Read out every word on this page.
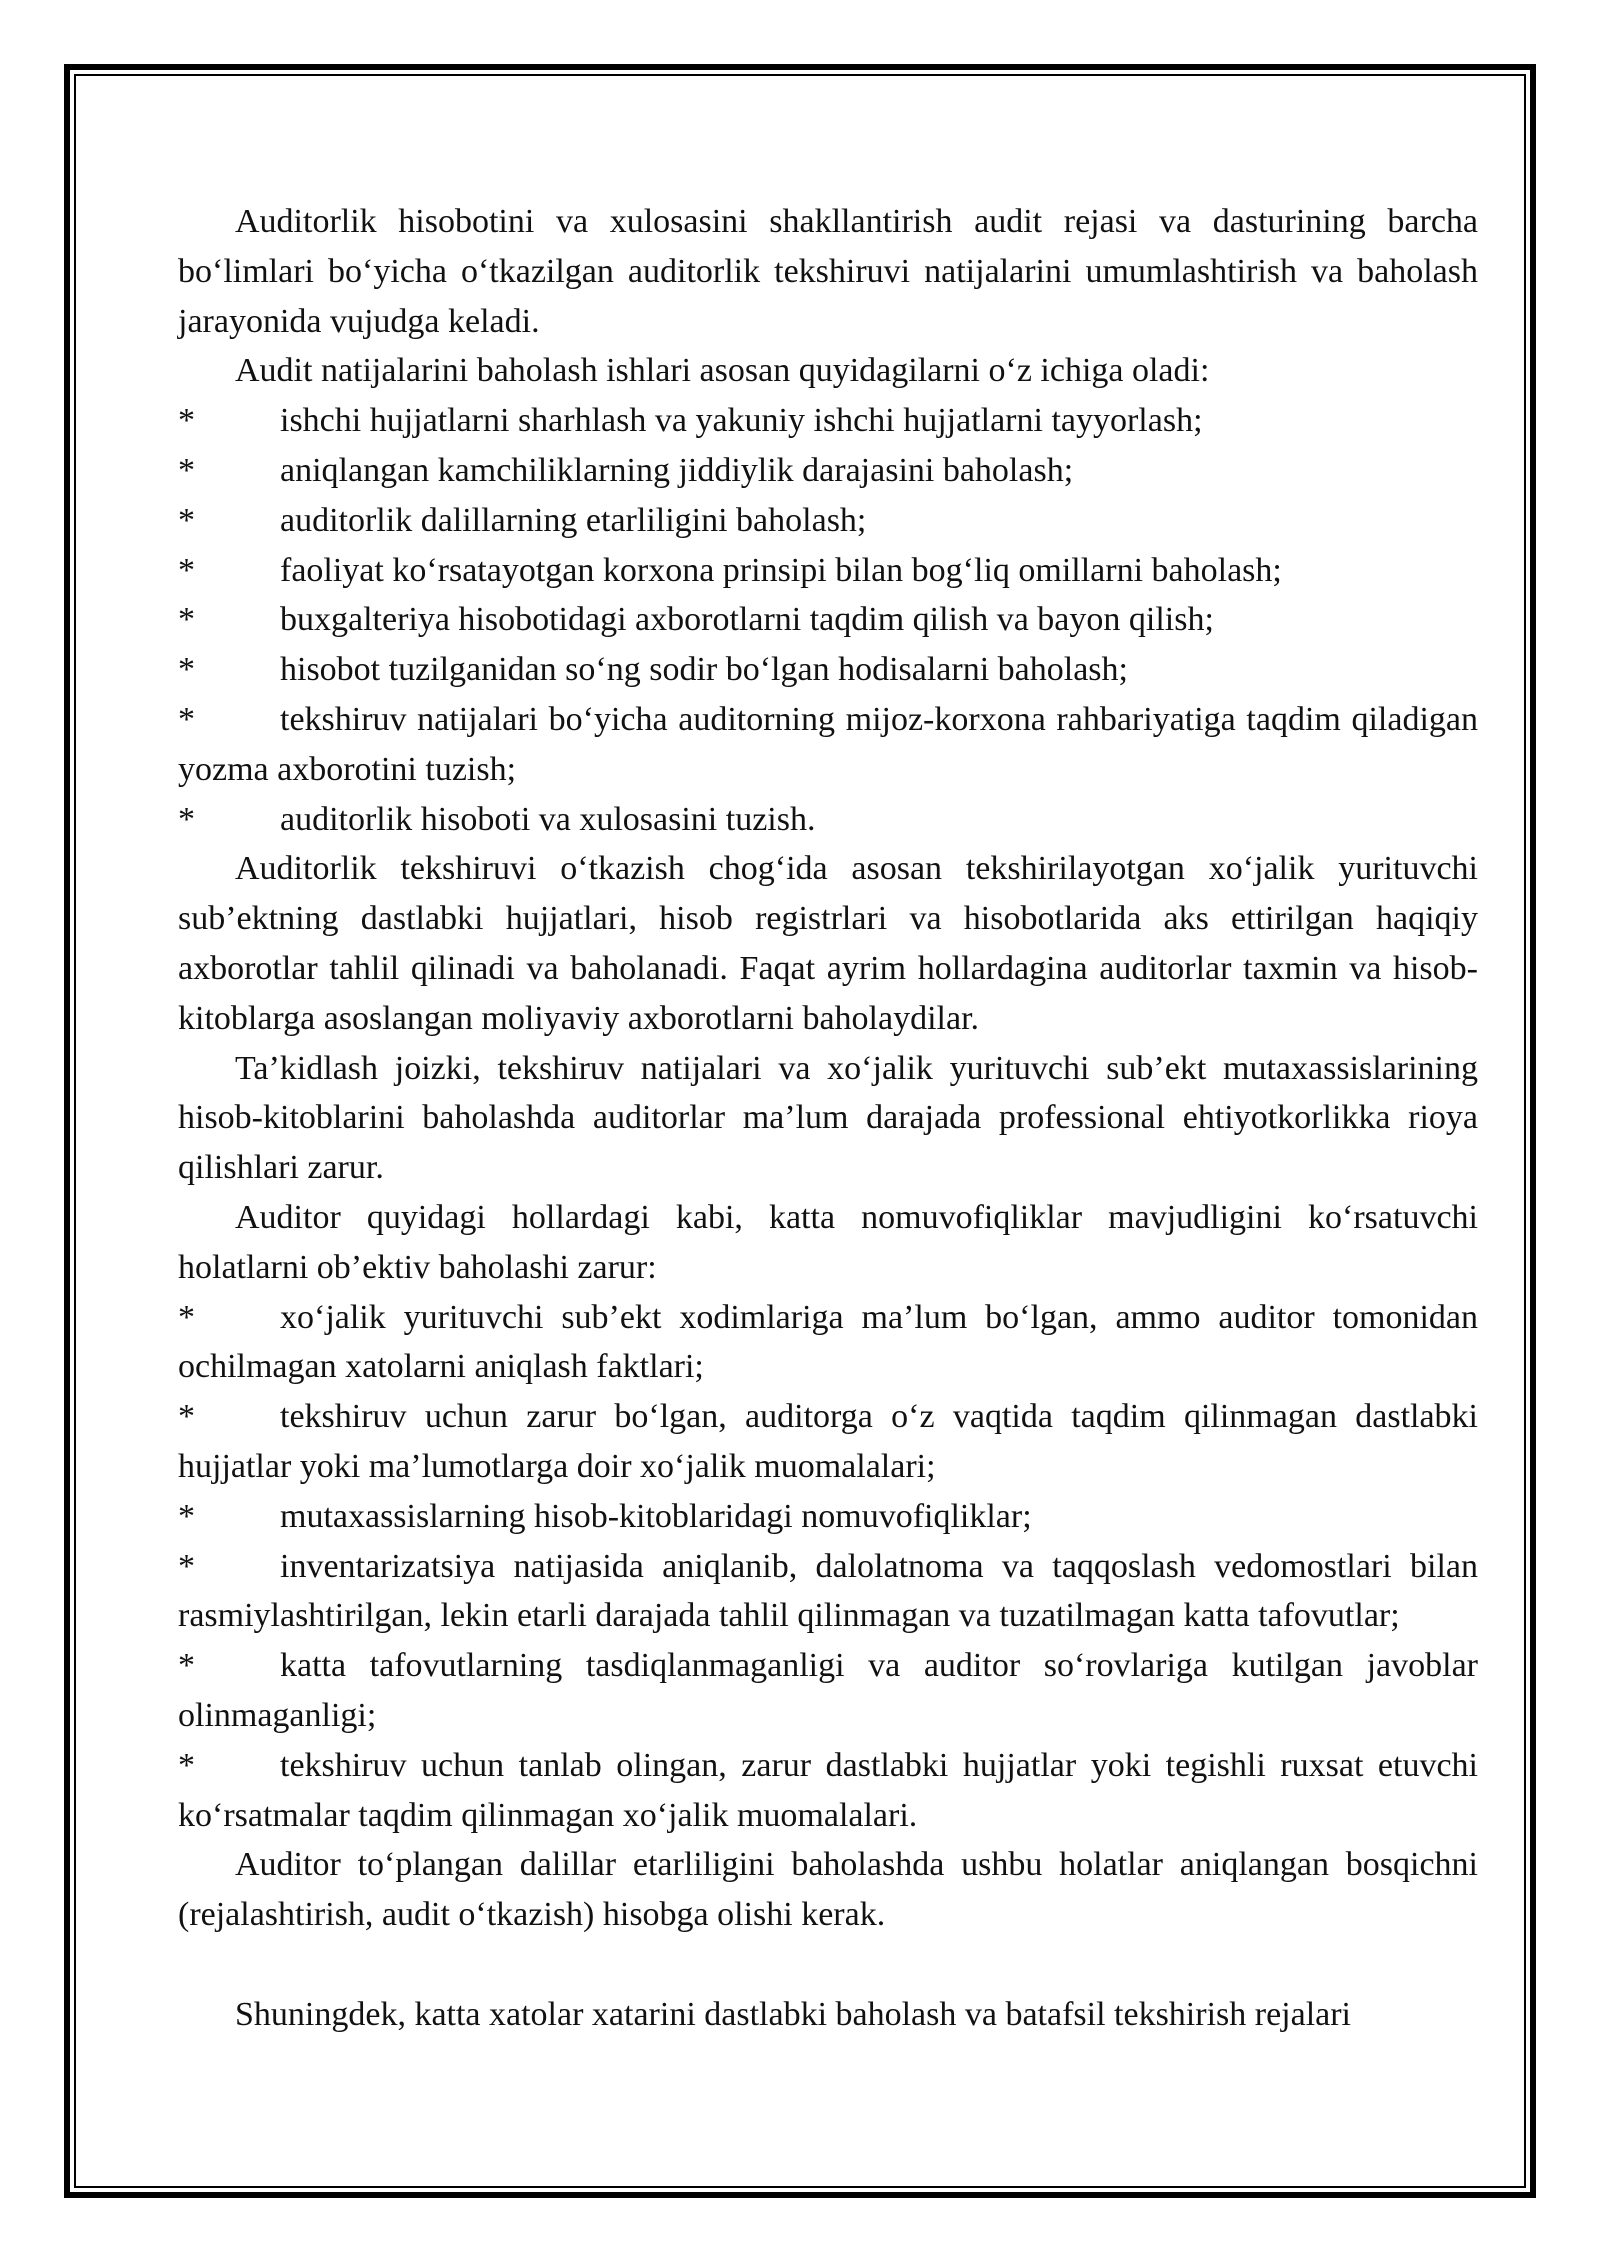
Auditorlik hisobotini va xulosasini shakllantirish audit rejasi va dasturining barcha bo‘limlari bo‘yicha o‘tkazilgan auditorlik tekshiruvi natijalarini umumlashtirish va baholash jarayonida vujudga keladi.

Audit natijalarini baholash ishlari asosan quyidagilarni o‘z ichiga oladi:

*	ishchi hujjatlarni sharhlash va yakuniy ishchi hujjatlarni tayyorlash;

*	aniqlangan kamchiliklarning jiddiylik darajasini baholash;

*	auditorlik dalillarning etarliligini baholash;

*	faoliyat ko‘rsatayotgan korxona prinsipi bilan bog‘liq omillarni baholash;

*	buxgalteriya hisobotidagi axborotlarni taqdim qilish va bayon qilish;

*	hisobot tuzilganidan so‘ng sodir bo‘lgan hodisalarni baholash;

*	tekshiruv natijalari bo‘yicha auditorning mijoz-korxona rahbariyatiga taqdim qiladigan yozma axborotini tuzish;

*	auditorlik hisoboti va xulosasini tuzish.

Auditorlik tekshiruvi o‘tkazish chog‘ida asosan tekshirilayotgan xo‘jalik yurituvchi sub’ektning dastlabki hujjatlari, hisob registrlari va hisobotlarida aks ettirilgan haqiqiy axborotlar tahlil qilinadi va baholanadi. Faqat ayrim hollardagina auditorlar taxmin va hisob-kitoblarga asoslangan moliyaviy axborotlarni baholaydilar.

Ta’kidlash joizki, tekshiruv natijalari va xo‘jalik yurituvchi sub’ekt mutaxassislarining hisob-kitoblarini baholashda auditorlar ma’lum darajada professional ehtiyotkorlikka rioya qilishlari zarur.

Auditor quyidagi hollardagi kabi, katta nomuvofiqliklar mavjudligini ko‘rsatuvchi holatlarni ob’ektiv baholashi zarur:

*	xo‘jalik yurituvchi sub’ekt xodimlariga ma’lum bo‘lgan, ammo auditor tomonidan ochilmagan xatolarni aniqlash faktlari;

*	tekshiruv uchun zarur bo‘lgan, auditorga o‘z vaqtida taqdim qilinmagan dastlabki hujjatlar yoki ma’lumotlarga doir xo‘jalik muomalalari;

*	mutaxassislarning hisob-kitoblaridagi nomuvofiqliklar;

*	inventarizatsiya natijasida aniqlanib, dalolatnoma va taqqoslash vedomostlari bilan rasmiylashtirilgan, lekin etarli darajada tahlil qilinmagan va tuzatilmagan katta tafovutlar;

*	katta tafovutlarning tasdiqlanmaganligi va auditor so‘rovlariga kutilgan javoblar olinmaganligi;

*	tekshiruv uchun tanlab olingan, zarur dastlabki hujjatlar yoki tegishli ruxsat etuvchi ko‘rsatmalar taqdim qilinmagan xo‘jalik muomalalari.

Auditor to‘plangan dalillar etarliligini baholashda ushbu holatlar aniqlangan bosqichni (rejalashtirish, audit o‘tkazish) hisobga olishi kerak.

Shuningdek, katta xatolar xatarini dastlabki baholash va batafsil tekshirish rejalari
